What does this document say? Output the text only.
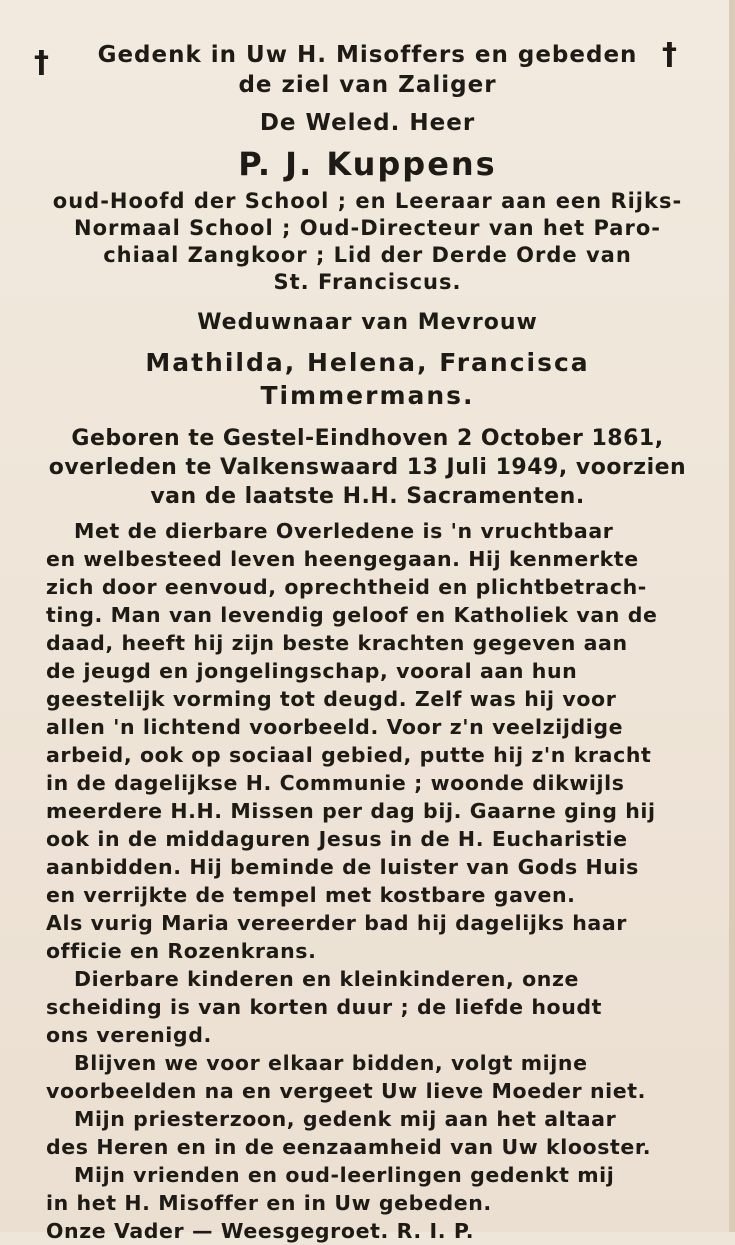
†	†
Gedenk in Uw H. Misoffers en gebeden
de ziel van Zaliger
De Weled. Heer
P. J. Kuppens
oud-Hoofd der School ; en Leeraar aan een Rijks-
Normaal School ; Oud-Directeur van het Paro-
chiaal Zangkoor ; Lid der Derde Orde van
St. Franciscus.
Weduwnaar van Mevrouw
Mathilda, Helena, Francisca
Timmermans.
Geboren te Gestel-Eindhoven 2 October 1861,
overleden te Valkenswaard 13 Juli 1949, voorzien
van de laatste H.H. Sacramenten.
Met de dierbare Overledene is 'n vruchtbaar
en welbesteed leven heengegaan. Hij kenmerkte
zich door eenvoud, oprechtheid en plichtbetrach-
ting. Man van levendig geloof en Katholiek van de
daad, heeft hij zijn beste krachten gegeven aan
de jeugd en jongelingschap, vooral aan hun
geestelijk vorming tot deugd. Zelf was hij voor
allen 'n lichtend voorbeeld. Voor z'n veelzijdige
arbeid, ook op sociaal gebied, putte hij z'n kracht
in de dagelijkse H. Communie ; woonde dikwijls
meerdere H.H. Missen per dag bij. Gaarne ging hij
ook in de middaguren Jesus in de H. Eucharistie
aanbidden. Hij beminde de luister van Gods Huis
en verrijkte de tempel met kostbare gaven.
Als vurig Maria vereerder bad hij dagelijks haar
officie en Rozenkrans.
Dierbare kinderen en kleinkinderen, onze
scheiding is van korten duur ; de liefde houdt
ons verenigd.
Blijven we voor elkaar bidden, volgt mijne
voorbeelden na en vergeet Uw lieve Moeder niet.
Mijn priesterzoon, gedenk mij aan het altaar
des Heren en in de eenzaamheid van Uw klooster.
Mijn vrienden en oud-leerlingen gedenkt mij
in het H. Misoffer en in Uw gebeden.
Onze Vader — Weesgegroet. R. I. P.
